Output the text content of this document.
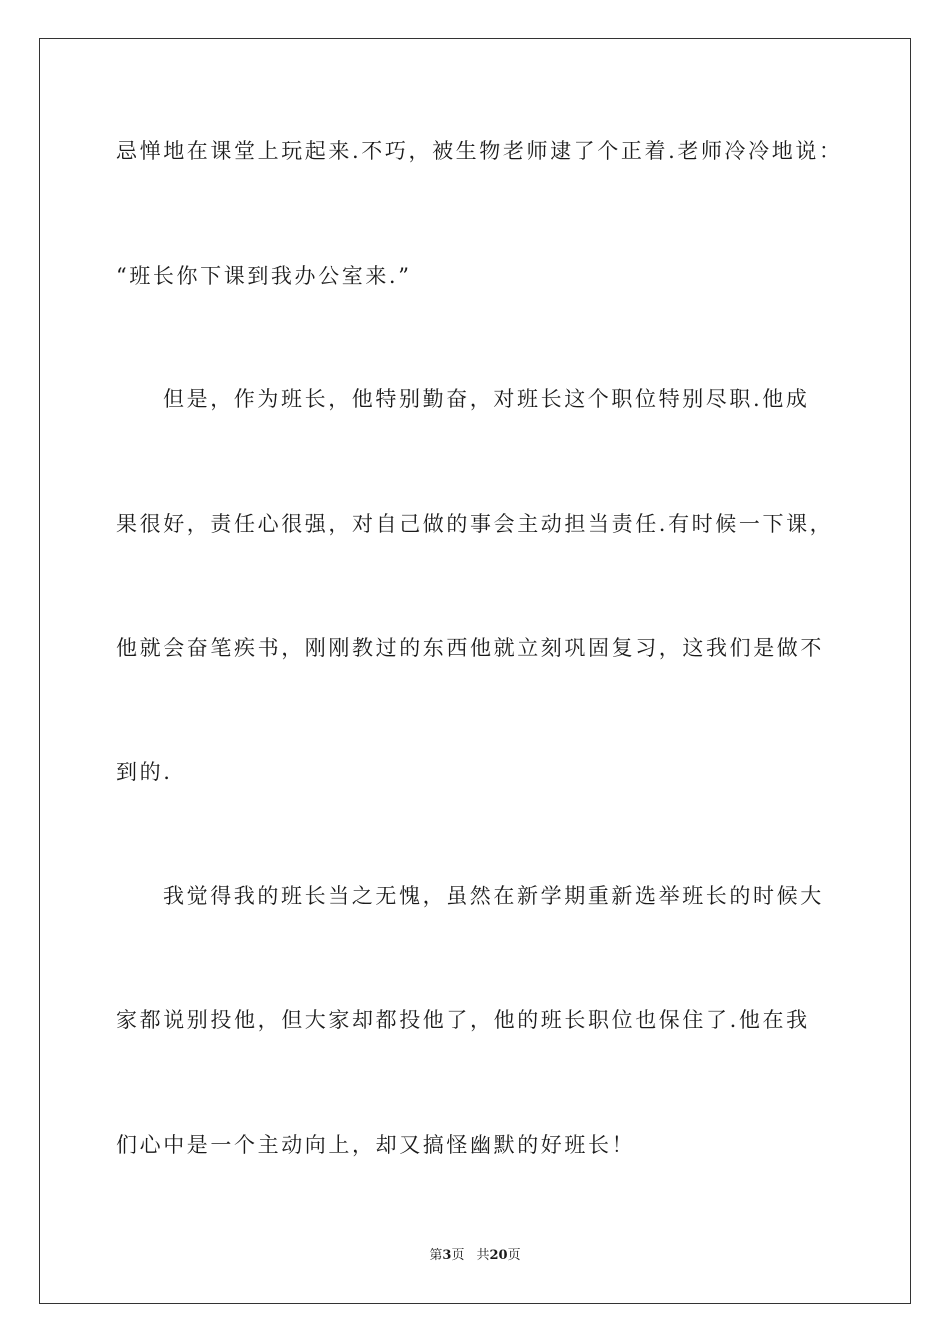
忌惮地在课堂上玩起来.不巧，被生物老师逮了个正着.老师冷冷地说：
“班长你下课到我办公室来.”
但是，作为班长，他特别勤奋，对班长这个职位特别尽职.他成
果很好，责任心很强，对自己做的事会主动担当责任.有时候一下课，
他就会奋笔疾书，刚刚教过的东西他就立刻巩固复习，这我们是做不
到的.
我觉得我的班长当之无愧，虽然在新学期重新选举班长的时候大
家都说别投他，但大家却都投他了，他的班长职位也保住了.他在我
们心中是一个主动向上，却又搞怪幽默的好班长！
第3页 共20页
